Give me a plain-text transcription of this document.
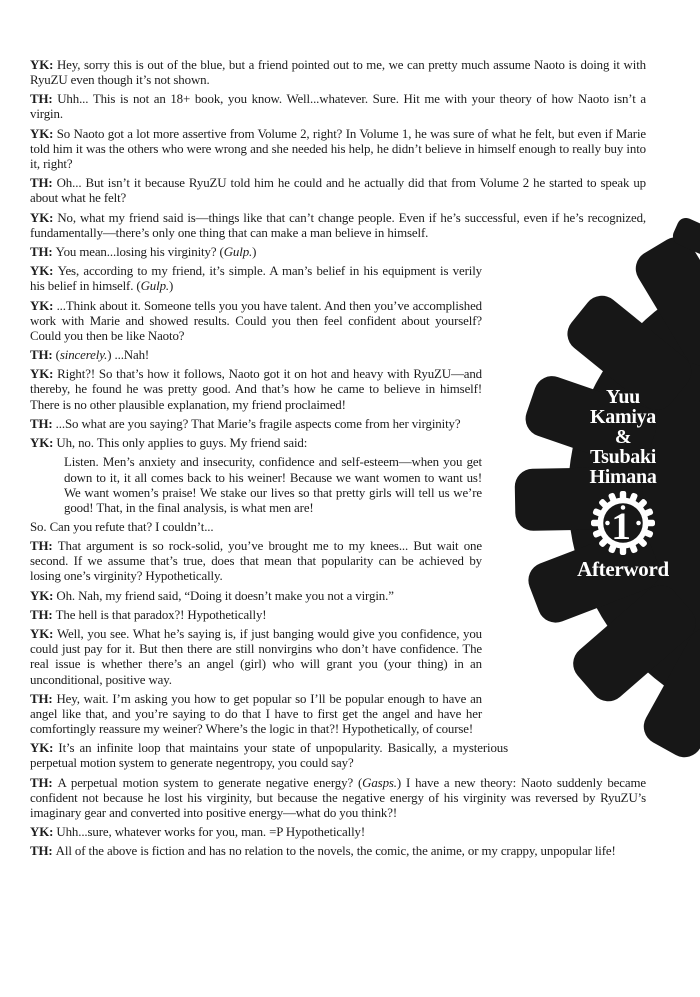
YK: Hey, sorry this is out of the blue, but a friend pointed out to me, we can pretty much assume Naoto is doing it with RyuZU even though it’s not shown.

TH: Uhh... This is not an 18+ book, you know. Well...whatever. Sure. Hit me with your theory of how Naoto isn’t a virgin.

YK: So Naoto got a lot more assertive from Volume 2, right? In Volume 1, he was sure of what he felt, but even if Marie told him it was the others who were wrong and she needed his help, he didn’t believe in himself enough to really buy into it, right?

TH: Oh... But isn’t it because RyuZU told him he could and he actually did that from Volume 2 he started to speak up about what he felt?

YK: No, what my friend said is—things like that can’t change people. Even if he’s successful, even if he’s recognized, fundamentally—there’s only one thing that can make a man believe in himself.

TH: You mean...losing his virginity? (Gulp.)

YK: Yes, according to my friend, it’s simple. A man’s belief in his equipment is verily his belief in himself. (Gulp.)

YK: ...Think about it. Someone tells you you have talent. And then you’ve accomplished work with Marie and showed results. Could you then feel confident about yourself? Could you then be like Naoto?

TH: (sincerely.) ...Nah!

YK: Right?! So that’s how it follows, Naoto got it on hot and heavy with RyuZU—and thereby, he found he was pretty good. And that’s how he came to believe in himself! There is no other plausible explanation, my friend proclaimed!

TH: ...So what are you saying? That Marie’s fragile aspects come from her virginity?

YK: Uh, no. This only applies to guys. My friend said:

Listen. Men’s anxiety and insecurity, confidence and self-esteem—when you get down to it, it all comes back to his weiner! Because we want women to want us! We want women’s praise! We stake our lives so that pretty girls will tell us we’re good! That, in the final analysis, is what men are!

So. Can you refute that? I couldn’t...

TH: That argument is so rock-solid, you’ve brought me to my knees... But wait one second. If we assume that’s true, does that mean that popularity can be achieved by losing one’s virginity? Hypothetically.

YK: Oh. Nah, my friend said, “Doing it doesn’t make you not a virgin.”

TH: The hell is that paradox?! Hypothetically!

YK: Well, you see. What he’s saying is, if just banging would give you confidence, you could just pay for it. But then there are still nonvirgins who don’t have confidence. The real issue is whether there’s an angel (girl) who will grant you (your thing) in an unconditional, positive way.

TH: Hey, wait. I’m asking you how to get popular so I’ll be popular enough to have an angel like that, and you’re saying to do that I have to first get the angel and have her comfortingly reassure my weiner? Where’s the logic in that?! Hypothetically, of course!

YK: It’s an infinite loop that maintains your state of unpopularity. Basically, a mysterious perpetual motion system to generate negentropy, you could say?

TH: A perpetual motion system to generate negative energy? (Gasps.) I have a new theory: Naoto suddenly became confident not because he lost his virginity, but because the negative energy of his virginity was reversed by RyuZU’s imaginary gear and converted into positive energy—what do you think?!

YK: Uhh...sure, whatever works for you, man. =P Hypothetically!

TH: All of the above is fiction and has no relation to the novels, the comic, the anime, or my crappy, unpopular life!

Yuu
Kamiya
&
Tsubaki
Himana
1
Afterword
